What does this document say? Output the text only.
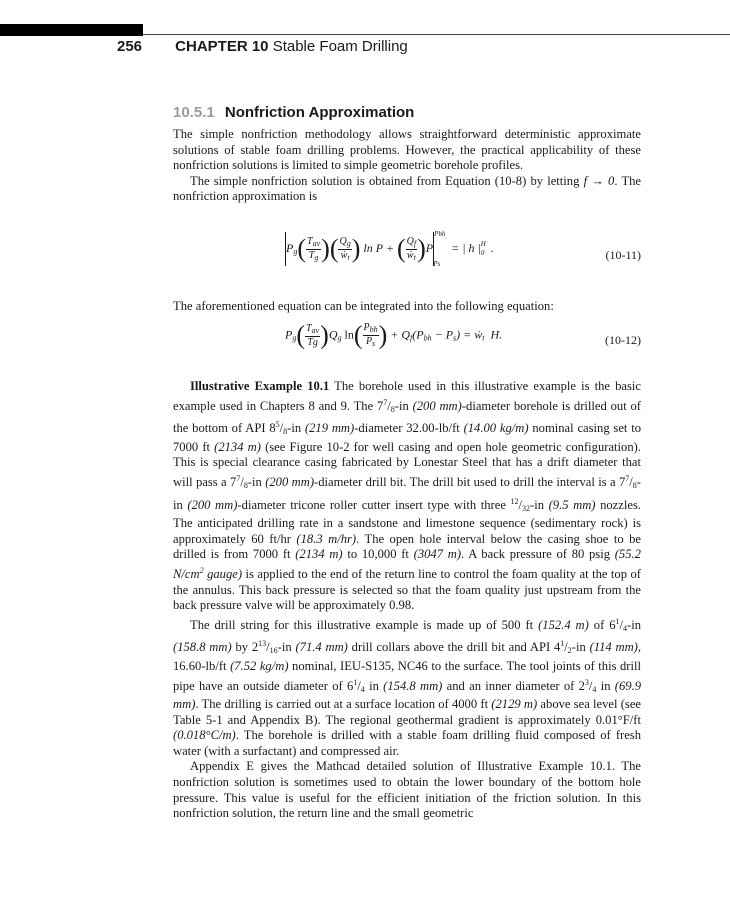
256 CHAPTER 10 Stable Foam Drilling
10.5.1 Nonfriction Approximation

The simple nonfriction methodology allows straightforward deterministic approximate solutions of stable foam drilling problems. However, the practical applicability of these nonfriction solutions is limited to simple geometric borehole profiles.

The simple nonfriction solution is obtained from Equation (10-8) by letting f → 0. The nonfriction approximation is

$P_g( \frac{T_{av}}{T_g}$ )( $\frac{Q_g}{ẇ_t}$ ) ln P + ( $\frac{Q_f}{ẇ_t}$ )PPbhPs = | h |H0 .
(10-11)
The aforementioned equation can be integrated into the following equation:
$P_g( \frac{T_{av}}{Tg} )Q_g$ $\ln( \frac{P_{bh}}{P_s}$ ) + $Q_f(P_{bh} - P_s)$ = ẇ$_t$ H.	(10-12)

Illustrative Example 10.1 The borehole used in this illustrative example is the basic example used in Chapters 8 and 9. The $7^7/_8-in$ (200 mm)-diameter borehole is drilled out of the bottom of API $8^5/_8-in$ (219 mm)-diameter 32.00-lb/ft (14.00 kg/m) nominal casing set to 7000 ft (2134 m) (see Figure 10-2 for well casing and open hole geometric configuration). This is special clearance casing fabricated by Lonestar Steel that has a drift diameter that will pass a $7^7/_8-in$ (200 mm)-diameter drill bit. The drill bit used to drill the interval is a $7^7/_8-in$ (200 mm)-diameter tricone roller cutter insert type with three $^{12}/_{32}-in$ (9.5 mm) nozzles. The anticipated drilling rate in a sandstone and limestone sequence (sedimentary rock) is approximately 60 ft/hr (18.3 m/hr). The open hole interval below the casing shoe to be drilled is from 7000 ft (2134 m) to 10,000 ft (3047 m). A back pressure of 80 psig (55.2 $N/cm^2$ gauge) is applied to the end of the return line to control the foam quality at the top of the annulus. This back pressure is selected so that the foam quality just upstream from the back pressure valve will be approximately 0.98.

The drill string for this illustrative example is made up of 500 ft (152.4 m) of $6^1/_4-in$ (158.8 mm) by $2^{13}/_{16}-in$ (71.4 mm) drill collars above the drill bit and API $4^1/_2-in$ (114 mm), 16.60-lb/ft (7.52 kg/m) nominal, IEU-S135, NC46 to the surface. The tool joints of this drill pipe have an outside diameter of $6^1/_4$ in (154.8 mm) and an inner diameter of $2^3/_4$ in (69.9 mm). The drilling is carried out at a surface location of 4000 ft (2129 m) above sea level (see Table 5-1 and Appendix B). The regional geothermal gradient is approximately 0.01°F/ft (0.018°C/m). The borehole is drilled with a stable foam drilling fluid composed of fresh water (with a surfactant) and compressed air.

Appendix E gives the Mathcad detailed solution of Illustrative Example 10.1. The nonfriction solution is sometimes used to obtain the lower boundary of the bottom hole pressure. This value is useful for the efficient initiation of the friction solution. In this nonfriction solution, the return line and the small geometric
